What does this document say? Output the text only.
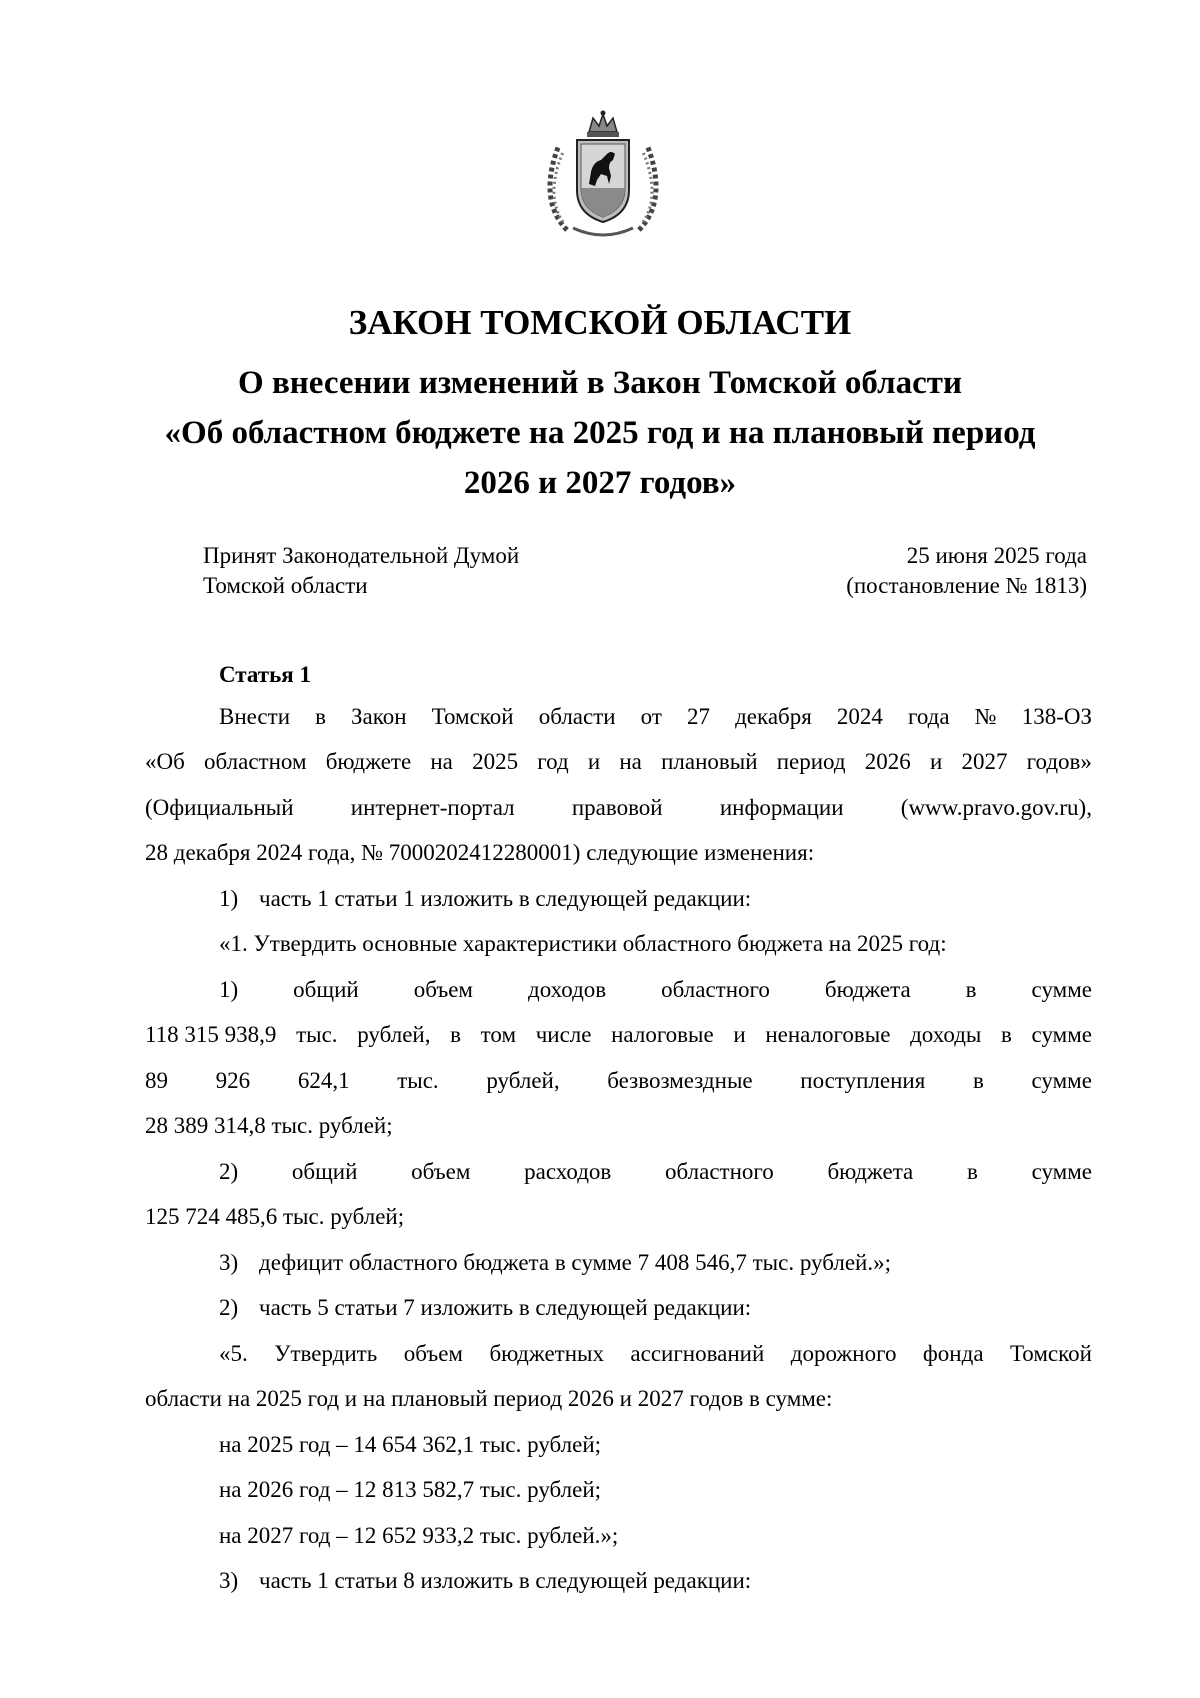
ЗАКОН ТОМСКОЙ ОБЛАСТИ
О внесении изменений в Закон Томской области
«Об областном бюджете на 2025 год и на плановый период
2026 и 2027 годов»
Принят Законодательной Думой
Томской области
25 июня 2025 года
(постановление № 1813)
Статья 1
Внести в Закон Томской области от 27 декабря 2024 года № 138-ОЗ
«Об областном бюджете на 2025 год и на плановый период 2026 и 2027 годов»
(Официальный интернет-портал правовой информации (www.pravo.gov.ru),
28 декабря 2024 года, № 7000202412280001) следующие изменения:
1) часть 1 статьи 1 изложить в следующей редакции:
«1. Утвердить основные характеристики областного бюджета на 2025 год:
1) общий объем доходов областного бюджета в сумме
118 315 938,9 тыс. рублей, в том числе налоговые и неналоговые доходы в сумме
89 926 624,1 тыс. рублей, безвозмездные поступления в сумме
28 389 314,8 тыс. рублей;
2) общий объем расходов областного бюджета в сумме
125 724 485,6 тыс. рублей;
3) дефицит областного бюджета в сумме 7 408 546,7 тыс. рублей.»;
2) часть 5 статьи 7 изложить в следующей редакции:
«5. Утвердить объем бюджетных ассигнований дорожного фонда Томской
области на 2025 год и на плановый период 2026 и 2027 годов в сумме:
на 2025 год – 14 654 362,1 тыс. рублей;
на 2026 год – 12 813 582,7 тыс. рублей;
на 2027 год – 12 652 933,2 тыс. рублей.»;
3) часть 1 статьи 8 изложить в следующей редакции:
